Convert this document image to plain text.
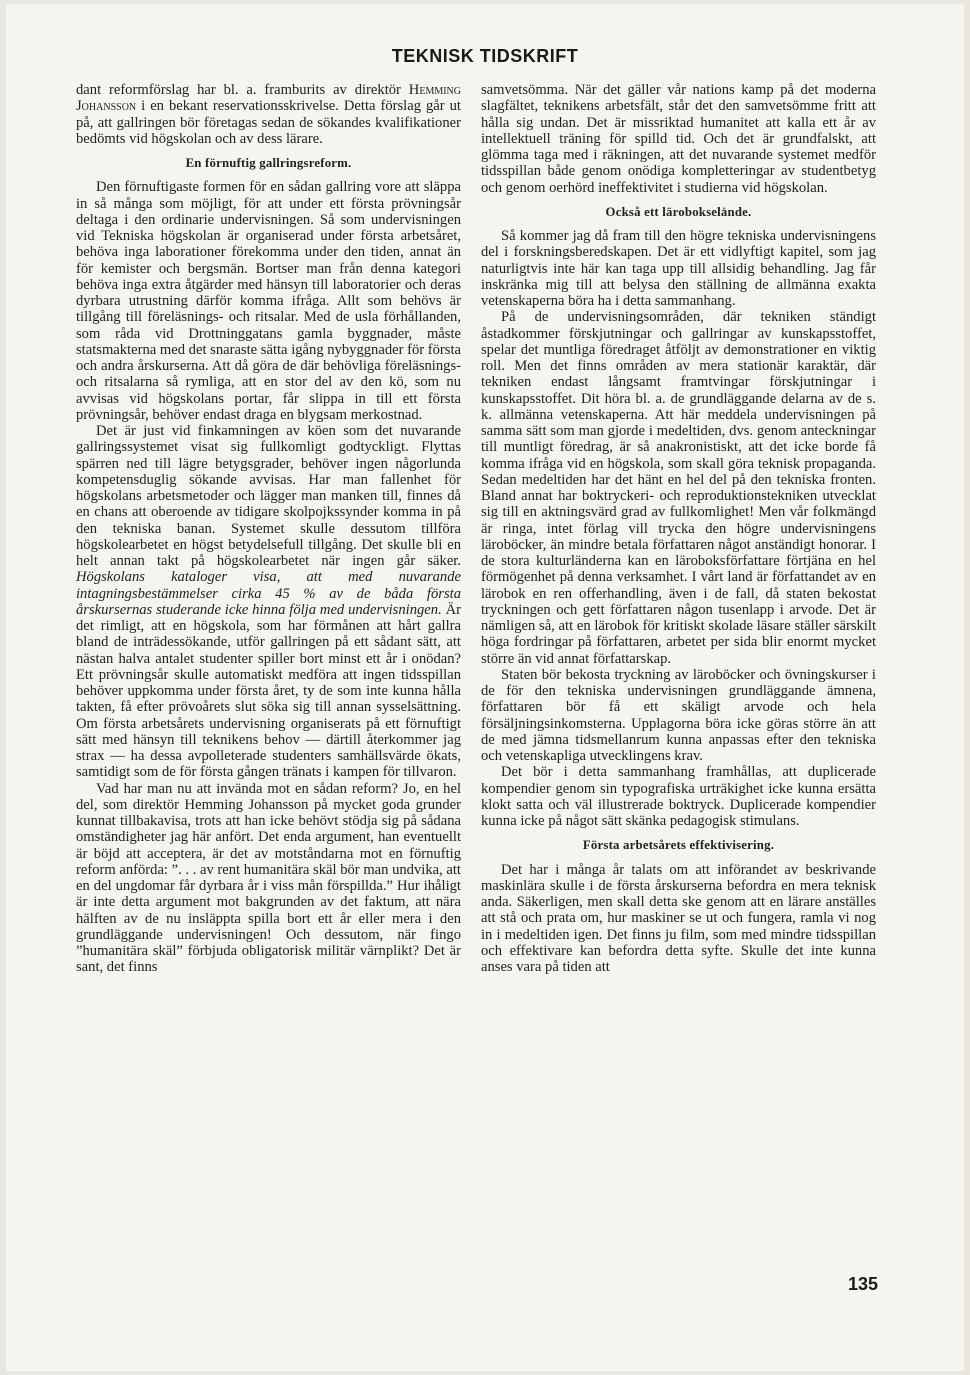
TEKNISK TIDSKRIFT

dant reformförslag har bl. a. framburits av direktör Hemming Johansson i en bekant reservationsskrivelse. Detta förslag går ut på, att gallringen bör företagas sedan de sökandes kvalifikationer bedömts vid högskolan och av dess lärare.

En förnuftig gallringsreform.

Den förnuftigaste formen för en sådan gallring vore att släppa in så många som möjligt, för att under ett första prövningsår deltaga i den ordinarie undervisningen. Så som undervisningen vid Tekniska högskolan är organiserad under första arbetsåret, behöva inga laborationer förekomma under den tiden, annat än för kemister och bergsmän. Bortser man från denna kategori behöva inga extra åtgärder med hänsyn till laboratorier och deras dyrbara utrustning därför komma ifråga. Allt som behövs är tillgång till föreläsnings- och ritsalar. Med de usla förhållanden, som råda vid Drottninggatans gamla byggnader, måste statsmakterna med det snaraste sätta igång nybyggnader för första och andra årskurserna. Att då göra de där behövliga föreläsnings- och ritsalarna så rymliga, att en stor del av den kö, som nu avvisas vid högskolans portar, får slippa in till ett första prövningsår, behöver endast draga en blygsam merkostnad.

Det är just vid finkamningen av köen som det nuvarande gallringssystemet visat sig fullkomligt godtyckligt. Flyttas spärren ned till lägre betygsgrader, behöver ingen någorlunda kompetensduglig sökande avvisas. Har man fallenhet för högskolans arbetsmetoder och lägger man manken till, finnes då en chans att oberoende av tidigare skolpojkssynder komma in på den tekniska banan. Systemet skulle dessutom tillföra högskolearbetet en högst betydelsefull tillgång. Det skulle bli en helt annan takt på högskolearbetet när ingen går säker. Högskolans kataloger visa, att med nuvarande intagningsbestämmelser cirka 45 % av de båda första årskursernas studerande icke hinna följa med undervisningen. Är det rimligt, att en högskola, som har förmånen att hårt gallra bland de inträdessökande, utför gallringen på ett sådant sätt, att nästan halva antalet studenter spiller bort minst ett år i onödan? Ett prövningsår skulle automatiskt medföra att ingen tidsspillan behöver uppkomma under första året, ty de som inte kunna hålla takten, få efter prövoårets slut söka sig till annan sysselsättning. Om första arbetsårets undervisning organiserats på ett förnuftigt sätt med hänsyn till teknikens behov — därtill återkommer jag strax — ha dessa avpolleterade studenters samhällsvärde ökats, samtidigt som de för första gången tränats i kampen för tillvaron.

Vad har man nu att invända mot en sådan reform? Jo, en hel del, som direktör Hemming Johansson på mycket goda grunder kunnat tillbakavisa, trots att han icke behövt stödja sig på sådana omständigheter jag här anfört. Det enda argument, han eventuellt är böjd att acceptera, är det av motståndarna mot en förnuftig reform anförda: ”. . . av rent humanitära skäl bör man undvika, att en del ungdomar får dyrbara år i viss mån förspillda.” Hur ihåligt är inte detta argument mot bakgrunden av det faktum, att nära hälften av de nu insläppta spilla bort ett år eller mera i den grundläggande undervisningen! Och dessutom, när fingo ”humanitära skäl” förbjuda obligatorisk militär värnplikt? Det är sant, det finns

samvetsömma. När det gäller vår nations kamp på det moderna slagfältet, teknikens arbetsfält, står det den samvetsömme fritt att hålla sig undan. Det är missriktad humanitet att kalla ett år av intellektuell träning för spilld tid. Och det är grundfalskt, att glömma taga med i räkningen, att det nuvarande systemet medför tidsspillan både genom onödiga kompletteringar av studentbetyg och genom oerhörd ineffektivitet i studierna vid högskolan.

Också ett läroboksela̎nde.

Så kommer jag då fram till den högre tekniska undervisningens del i forskningsberedskapen. Det är ett vidlyftigt kapitel, som jag naturligtvis inte här kan taga upp till allsidig behandling. Jag får inskränka mig till att belysa den ställning de allmänna exakta vetenskaperna böra ha i detta sammanhang.

På de undervisningsområden, där tekniken ständigt åstadkommer förskjutningar och gallringar av kunskapsstoffet, spelar det muntliga föredraget åtföljt av demonstrationer en viktig roll. Men det finns områden av mera stationär karaktär, där tekniken endast långsamt framtvingar förskjutningar i kunskapsstoffet. Dit höra bl. a. de grundläggande delarna av de s. k. allmänna vetenskaperna. Att här meddela undervisningen på samma sätt som man gjorde i medeltiden, dvs. genom anteckningar till muntligt föredrag, är så anakronistiskt, att det icke borde få komma ifråga vid en högskola, som skall göra teknisk propaganda. Sedan medeltiden har det hänt en hel del på den tekniska fronten. Bland annat har boktryckeri- och reproduktionstekniken utvecklat sig till en aktningsvärd grad av fullkomlighet! Men vår folkmängd är ringa, intet förlag vill trycka den högre undervisningens läroböcker, än mindre betala författaren något anständigt honorar. I de stora kulturländerna kan en läroboksförfattare förtjäna en hel förmögenhet på denna verksamhet. I vårt land är författandet av en lärobok en ren offerhandling, även i de fall, då staten bekostat tryckningen och gett författaren någon tusenlapp i arvode. Det är nämligen så, att en lärobok för kritiskt skolade läsare ställer särskilt höga fordringar på författaren, arbetet per sida blir enormt mycket större än vid annat författarskap.

Staten bör bekosta tryckning av läroböcker och övningskurser i de för den tekniska undervisningen grundläggande ämnena, författaren bör få ett skäligt arvode och hela försäljningsinkomsterna. Upplagorna böra icke göras större än att de med jämna tidsmellanrum kunna anpassas efter den tekniska och vetenskapliga utvecklingens krav.

Det bör i detta sammanhang framhållas, att duplicerade kompendier genom sin typografiska urträkighet icke kunna ersätta klokt satta och väl illustrerade boktryck. Duplicerade kompendier kunna icke på något sätt skänka pedagogisk stimulans.

Första arbetsårets effektivisering.

Det har i många år talats om att införandet av beskrivande maskinlära skulle i de första årskurserna befordra en mera teknisk anda. Säkerligen, men skall detta ske genom att en lärare anställes att stå och prata om, hur maskiner se ut och fungera, ramla vi nog in i medeltiden igen. Det finns ju film, som med mindre tidsspillan och effektivare kan befordra detta syfte. Skulle det inte kunna anses vara på tiden att

135
